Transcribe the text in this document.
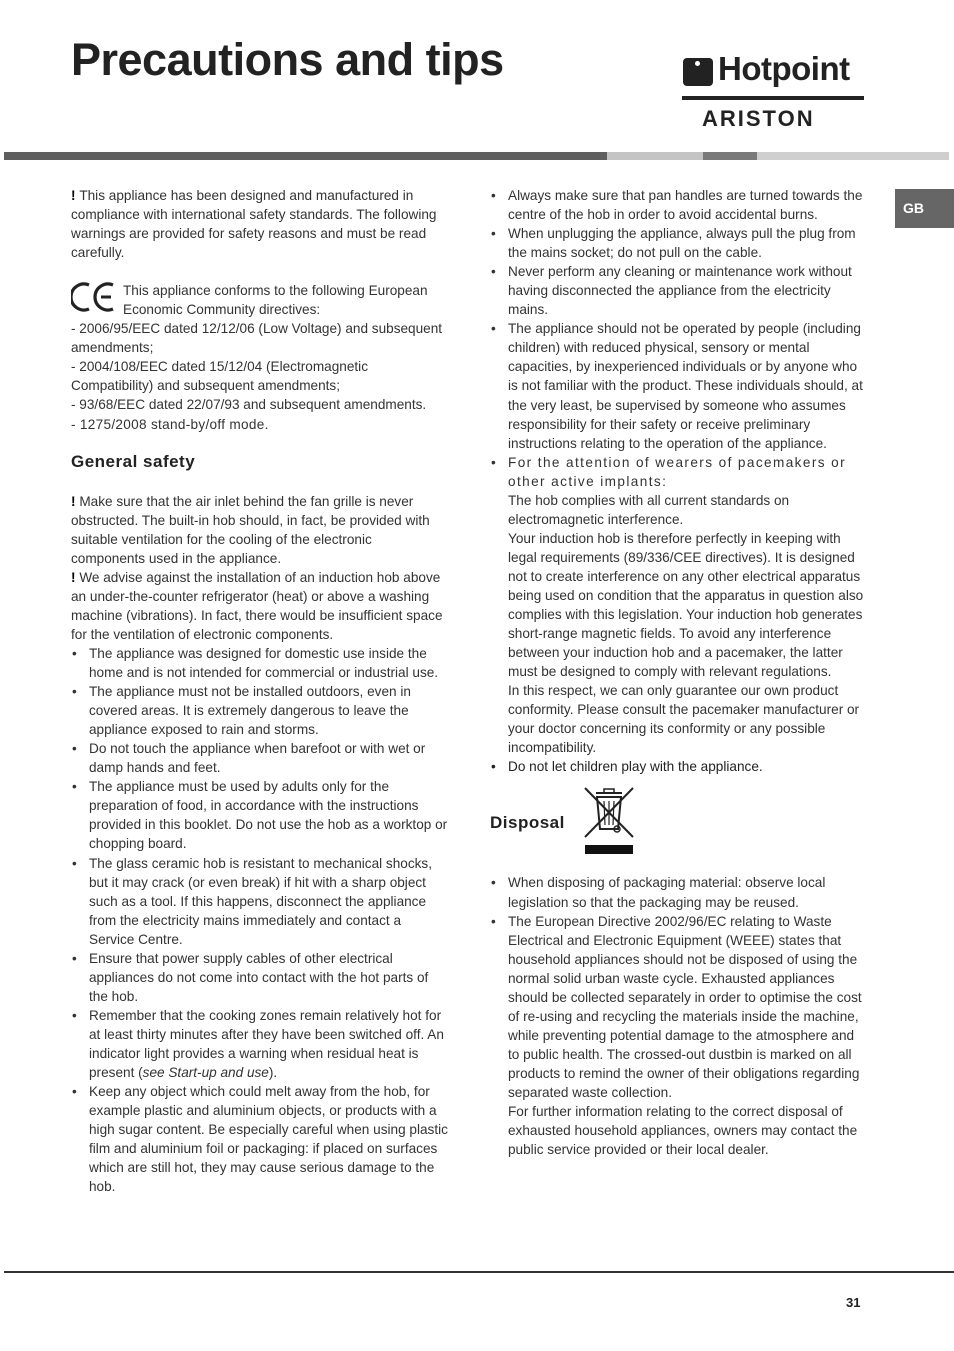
Precautions and tips	Hotpoint
ARISTON
GB

! This appliance has been designed and manufactured in compliance with international safety standards. The following warnings are provided for safety reasons and must be read carefully.

This appliance conforms to the following European Economic Community directives:

- 2006/95/EEC dated 12/12/06 (Low Voltage) and subsequent amendments;

- 2004/108/EEC dated 15/12/04 (Electromagnetic Compatibility) and subsequent amendments;

- 93/68/EEC dated 22/07/93 and subsequent amendments.

- 1275/2008 stand-by/off mode.

General safety

! Make sure that the air inlet behind the fan grille is never obstructed. The built-in hob should, in fact, be provided with suitable ventilation for the cooling of the electronic components used in the appliance.

! We advise against the installation of an induction hob above an under-the-counter refrigerator (heat) or above a washing machine (vibrations). In fact, there would be insufficient space for the ventilation of electronic components.

• The appliance was designed for domestic use inside the home and is not intended for commercial or industrial use.
• The appliance must not be installed outdoors, even in covered areas. It is extremely dangerous to leave the appliance exposed to rain and storms.
• Do not touch the appliance when barefoot or with wet or damp hands and feet.
• The appliance must be used by adults only for the preparation of food, in accordance with the instructions provided in this booklet. Do not use the hob as a worktop or chopping board.
• The glass ceramic hob is resistant to mechanical shocks, but it may crack (or even break) if hit with a sharp object such as a tool. If this happens, disconnect the appliance from the electricity mains immediately and contact a Service Centre.
• Ensure that power supply cables of other electrical appliances do not come into contact with the hot parts of the hob.
• Remember that the cooking zones remain relatively hot for at least thirty minutes after they have been switched off. An indicator light provides a warning when residual heat is present (see Start-up and use).
• Keep any object which could melt away from the hob, for example plastic and aluminium objects, or products with a high sugar content. Be especially careful when using plastic film and aluminium foil or packaging: if placed on surfaces which are still hot, they may cause serious damage to the hob.
• Always make sure that pan handles are turned towards the centre of the hob in order to avoid accidental burns.
• When unplugging the appliance, always pull the plug from the mains socket; do not pull on the cable.
• Never perform any cleaning or maintenance work without having disconnected the appliance from the electricity mains.
• The appliance should not be operated by people (including children) with reduced physical, sensory or mental capacities, by inexperienced individuals or by anyone who is not familiar with the product. These individuals should, at the very least, be supervised by someone who assumes responsibility for their safety or receive preliminary instructions relating to the operation of the appliance.

• For the attention of wearers of pacemakers or other active implants:

The hob complies with all current standards on electromagnetic interference.

Your induction hob is therefore perfectly in keeping with legal requirements (89/336/CEE directives). It is designed not to create interference on any other electrical apparatus being used on condition that the apparatus in question also complies with this legislation. Your induction hob generates short-range magnetic fields. To avoid any interference between your induction hob and a pacemaker, the latter must be designed to comply with relevant regulations.

In this respect, we can only guarantee our own product conformity. Please consult the pacemaker manufacturer or your doctor concerning its conformity or any possible incompatibility.

• Do not let children play with the appliance.
Disposal
• When disposing of packaging material: observe local legislation so that the packaging may be reused.

• The European Directive 2002/96/EC relating to Waste Electrical and Electronic Equipment (WEEE) states that household appliances should not be disposed of using the normal solid urban waste cycle. Exhausted appliances should be collected separately in order to optimise the cost of re-using and recycling the materials inside the machine, while preventing potential damage to the atmosphere and to public health. The crossed-out dustbin is marked on all products to remind the owner of their obligations regarding separated waste collection.

For further information relating to the correct disposal of exhausted household appliances, owners may contact the public service provided or their local dealer.

31
